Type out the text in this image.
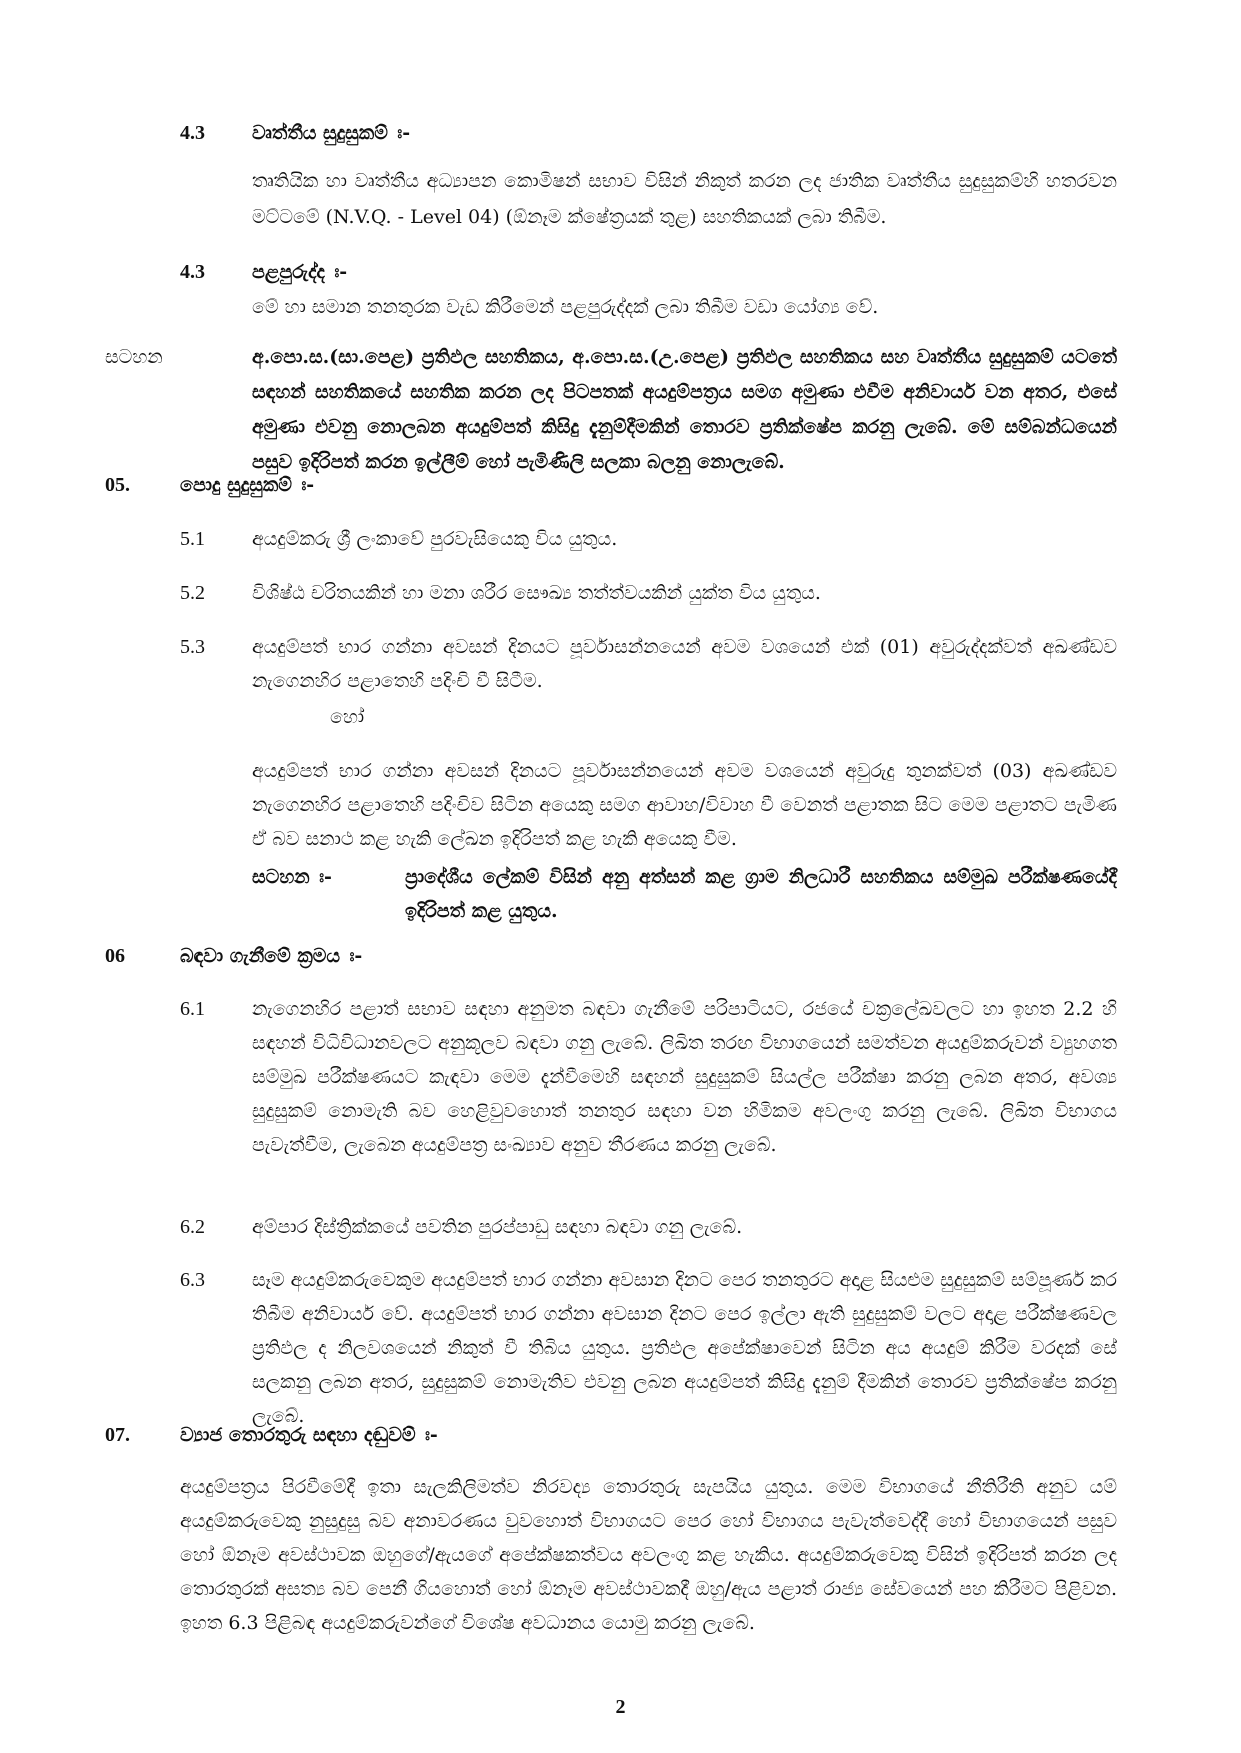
4.3 වෘත්තීය සුදුසුකම් ඃ-
තෘතියික හා වෘත්තීය අධ්‍යාපන කොමිෂන් සභාව විසින් නිකුත් කරන ලද ජාතික වෘත්තීය සුදුසුකම්හි හතරවන මට්ටමේ (N.V.Q. - Level 04) (ඕනෑම ක්ෂේත්‍රයක් තුළ) සහතිකයක් ලබා තිබීම.
4.3 පළපුරුද්ද ඃ-
මේ හා සමාන තනතුරක වැඩ කිරීමෙන් පළපුරුද්දක් ලබා තිබීම වඩා යෝග්‍ය වේ.
සටහන	අ.පො.ස.(සා.පෙළ) ප්‍රතිඵල සහතිකය, අ.පො.ස.(උ.පෙළ) ප්‍රතිඵල සහතිකය සහ වෘත්තීය සුදුසුකම් යටතේ සඳහන් සහතිකයේ සහතික කරන ලද පිටපතක් අයදුම්පත්‍රය සමග අමුණා එවීම අනිවාර්ය වන අතර, එසේ අමුණා එවනු නොලබන අයදුම්පත් කිසිදු දැනුම්දීමකින් තොරව ප්‍රතික්ෂේප කරනු ලැබේ. මේ සම්බන්ධයෙන් පසුව ඉදිරිපත් කරන ඉල්ලීම් හෝ පැමිණිලි සලකා බලනු නොලැබේ.
05.	පොදු සුදුසුකම් ඃ-
5.1 අයදුම්කරු ශ්‍රී ලංකාවේ පුරවැසියෙකු විය යුතුය.
5.2 විශිෂ්ඨ චරිතයකින් හා මනා ශරීර සෞඛ්‍ය තත්ත්වයකින් යුක්ත විය යුතුය.
5.3 අයදුම්පත් භාර ගන්නා අවසන් දිනයට පූර්වාසන්නයෙන් අවම වශයෙන් එක් (01) අවුරුද්දක්වත් අඛණ්ඩව නැගෙනහිර පළාතෙහි පදිංචි වී සිටීම.
හෝ
අයදුම්පත් භාර ගන්නා අවසන් දිනයට පූර්වාසන්නයෙන් අවම වශයෙන් අවුරුදු තුනක්වත් (03) අඛණ්ඩව නැගෙනහිර පළාතෙහි පදිංචිව සිටින අයෙකු සමග ආවාහ/විවාහ වී වෙනත් පළාතක සිට මෙම පළාතට පැමිණ ඒ බව සනාථ කළ හැකි ලේඛන ඉදිරිපත් කළ හැකි අයෙකු වීම.
සටහන ඃ-	ප්‍රාදේශීය ලේකම් විසින් අනු අත්සන් කළ ග්‍රාම නිලධාරී සහතිකය සම්මුඛ පරීක්ෂණයේදී ඉදිරිපත් කළ යුතුය.
06	බඳවා ගැනීමේ ක්‍රමය ඃ-
6.1 නැගෙනහිර පළාත් සභාව සඳහා අනුමත බඳවා ගැනීමේ පරිපාටියට, රජයේ චක්‍රලේඛවලට හා ඉහත 2.2 හි සඳහන් විධිවිධානවලට අනුකූලව බඳවා ගනු ලැබේ. ලිඛිත තරඟ විභාගයෙන් සමත්වන අයදුම්කරුවන් ව්‍යුහගත සම්මුඛ පරීක්ෂණයට කැඳවා මෙම දැන්වීමෙහි සඳහන් සුදුසුකම් සියල්ල පරීක්ෂා කරනු ලබන අතර, අවශ්‍ය සුදුසුකම් නොමැති බව හෙළිවුවහොත් තනතුර සඳහා වන හිමිකම අවලංගු කරනු ලැබේ. ලිඛිත විභාගය පැවැත්වීම, ලැබෙන අයදුම්පත්‍ර සංඛ්‍යාව අනුව තීරණය කරනු ලැබේ.
6.2 අම්පාර දිස්ත්‍රික්කයේ පවතින පුරප්පාඩු සඳහා බඳවා ගනු ලැබේ.
6.3 සෑම අයදුම්කරුවෙකුම අයදුම්පත් භාර ගන්නා අවසාන දිනට පෙර තනතුරට අදාළ සියළුම සුදුසුකම් සම්පූර්ණ කර තිබීම අනිවාර්ය වේ. අයදුම්පත් භාර ගන්නා අවසාන දිනට පෙර ඉල්ලා ඇති සුදුසුකම් වලට අදාළ පරීක්ෂණවල ප්‍රතිඵල ද නිලවශයෙන් නිකුත් වී තිබිය යුතුය. ප්‍රතිඵල අපේක්ෂාවෙන් සිටින අය අයදුම් කිරීම වරදක් සේ සලකනු ලබන අතර, සුදුසුකම් නොමැතිව එවනු ලබන අයදුම්පත් කිසිදු දැනුම් දීමකින් තොරව ප්‍රතික්ෂේප කරනු ලැබේ.
07.	ව්‍යාජ තොරතුරු සඳහා දඬුවම් ඃ-
අයදුම්පත්‍රය පිරවීමේදී ඉතා සැලකිලිමත්ව නිරවද්‍ය තොරතුරු සැපයිය යුතුය. මෙම විභාගයේ නීතිරීති අනුව යම් අයදුම්කරුවෙකු නුසුදුසු බව අනාවරණය වුවහොත් විභාගයට පෙර හෝ විභාගය පැවැත්වෙද්දී හෝ විභාගයෙන් පසුව හෝ ඕනෑම අවස්ථාවක ඔහුගේ/ඇයගේ අපේක්ෂකත්වය අවලංගු කළ හැකිය. අයදුම්කරුවෙකු විසින් ඉදිරිපත් කරන ලද තොරතුරක් අසත්‍ය බව පෙනී ගියහොත් හෝ ඕනෑම අවස්ථාවකදී ඔහු/ඇය පළාත් රාජ්‍ය සේවයෙන් පහ කිරීමට පිළිවන. ඉහත 6.3 පිළිබඳ අයදුම්කරුවන්ගේ විශේෂ අවධානය යොමු කරනු ලැබේ.
2
